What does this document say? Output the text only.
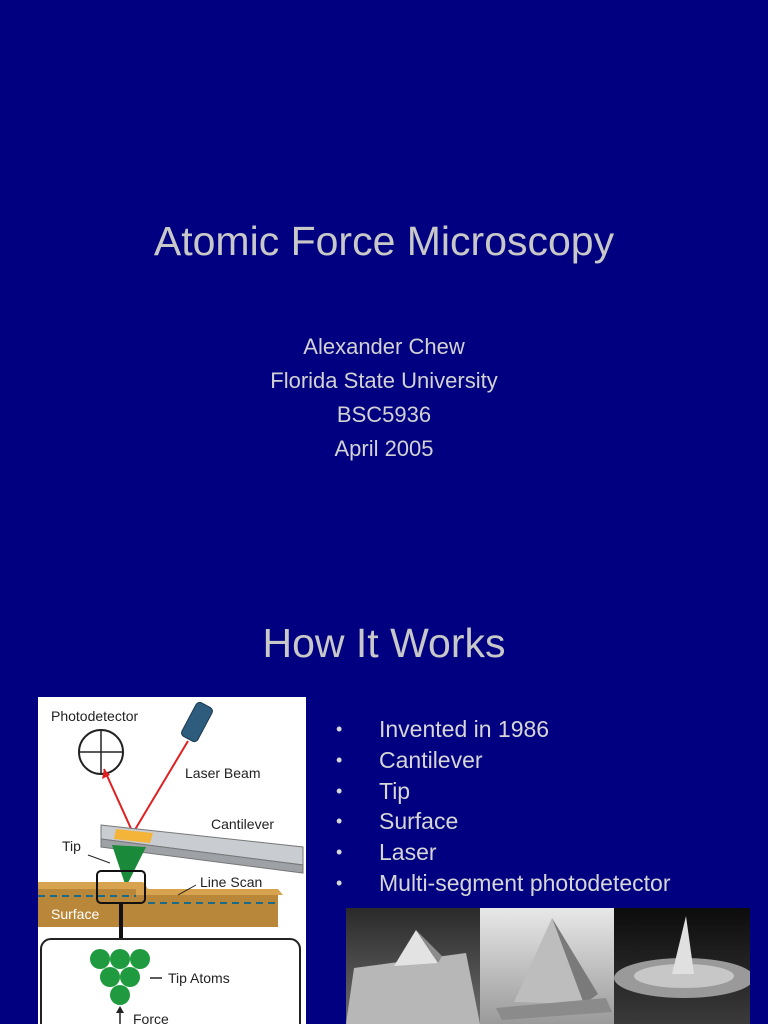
Atomic Force Microscopy
Alexander Chew
Florida State University
BSC5936
April 2005
How It Works
Photodetector
Laser Beam
Cantilever
Tip
Surface
Line Scan
Tip Atoms
Force
• Invented in 1986
• Cantilever
• Tip
• Surface
• Laser
• Multi-segment photodetector
